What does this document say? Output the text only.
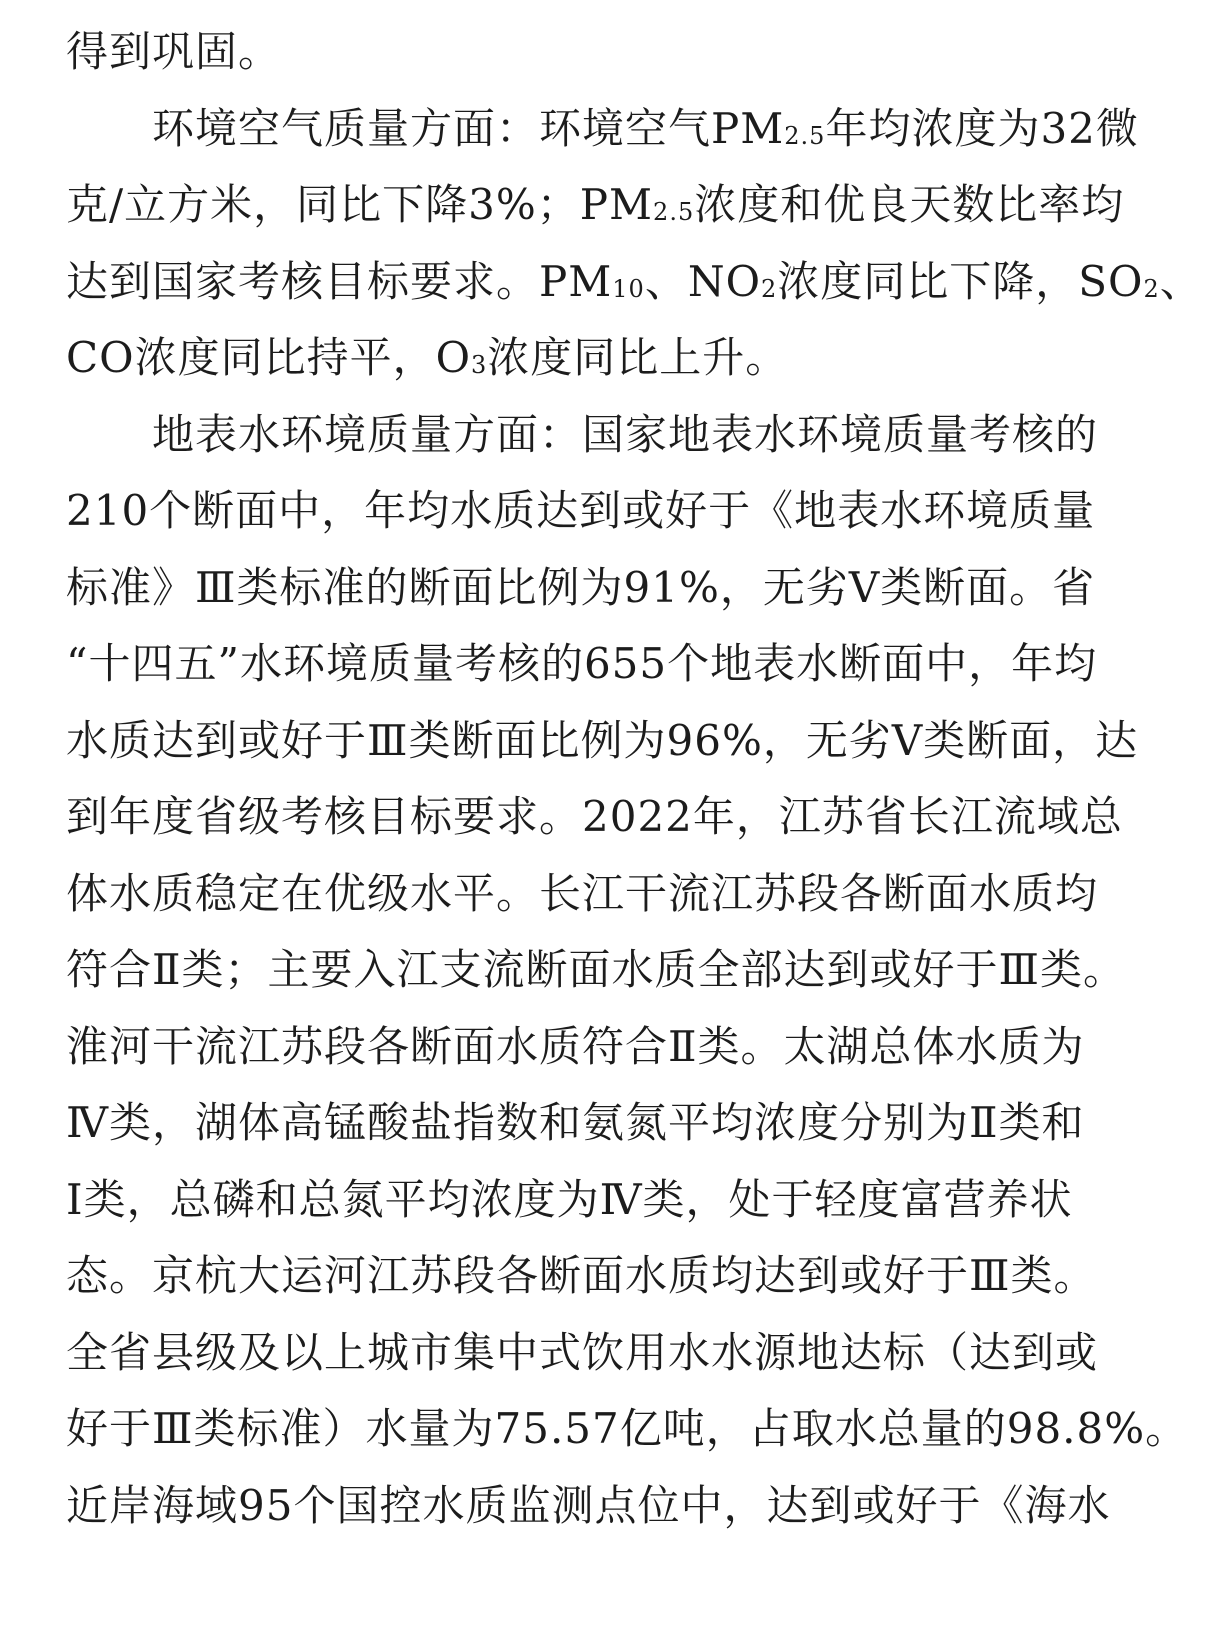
得到巩固。
环境空气质量方面：环境空气PM2.5年均浓度为32微
克/立方米，同比下降3%；PM2.5浓度和优良天数比率均
达到国家考核目标要求。PM10、NO2浓度同比下降，SO2、
CO浓度同比持平，O3浓度同比上升。
地表水环境质量方面：国家地表水环境质量考核的
210个断面中，年均水质达到或好于《地表水环境质量
标准》Ⅲ类标准的断面比例为91%，无劣Ⅴ类断面。省
“十四五”水环境质量考核的655个地表水断面中，年均
水质达到或好于Ⅲ类断面比例为96%，无劣Ⅴ类断面，达
到年度省级考核目标要求。2022年，江苏省长江流域总
体水质稳定在优级水平。长江干流江苏段各断面水质均
符合Ⅱ类；主要入江支流断面水质全部达到或好于Ⅲ类。
淮河干流江苏段各断面水质符合Ⅱ类。太湖总体水质为
Ⅳ类，湖体高锰酸盐指数和氨氮平均浓度分别为Ⅱ类和
Ⅰ类，总磷和总氮平均浓度为Ⅳ类，处于轻度富营养状
态。京杭大运河江苏段各断面水质均达到或好于Ⅲ类。
全省县级及以上城市集中式饮用水水源地达标（达到或
好于Ⅲ类标准）水量为75.57亿吨，占取水总量的98.8%。
近岸海域95个国控水质监测点位中，达到或好于《海水
